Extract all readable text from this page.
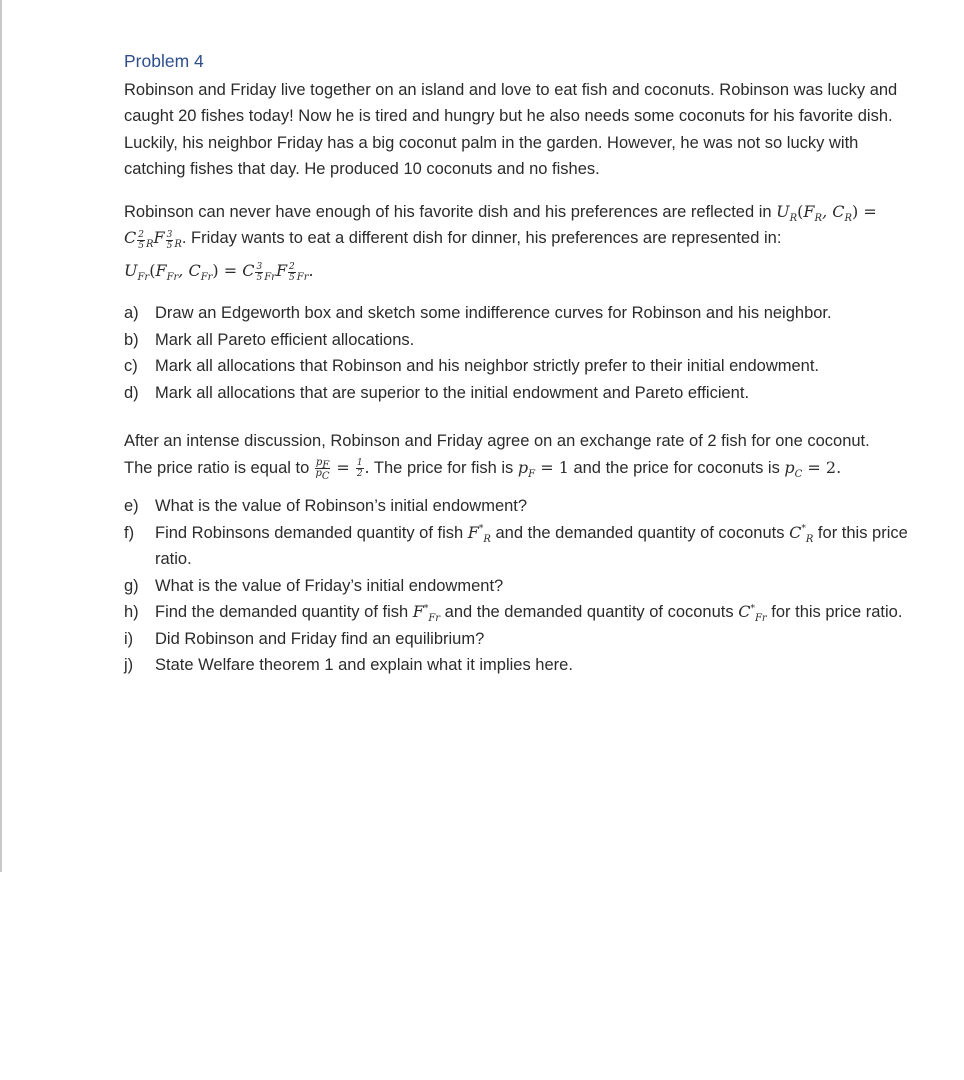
Problem 4

Robinson and Friday live together on an island and love to eat fish and coconuts. Robinson was lucky and caught 20 fishes today! Now he is tired and hungry but he also needs some coconuts for his favorite dish. Luckily, his neighbor Friday has a big coconut palm in the garden. However, he was not so lucky with catching fishes that day. He produced 10 coconuts and no fishes.

Robinson can never have enough of his favorite dish and his preferences are reflected in $U_R(F_R$, $C_R$) =
C $\frac{2}{5} _RF \frac{3}{5} _R$. Friday wants to eat a different dish for dinner, his preferences are represented in:

$U_{Fr}(F_{Fr}$, $C_{Fr}) = C \frac{3}{5} _{Fr}F \frac{2}{5} _{Fr}$.

a) Draw an Edgeworth box and sketch some indifference curves for Robinson and his neighbor.
b) Mark all Pareto efficient allocations.
c)	Mark all allocations that Robinson and his neighbor strictly prefer to their initial endowment.
d) Mark all allocations that are superior to the initial endowment and Pareto efficient.

After an intense discussion, Robinson and Friday agree on an exchange rate of 2 fish for one coconut.

The price ratio is equal to $\frac{p_F}{p_C} = \frac{1}{2}$ . The price for fish is $p_F = 1$ and the price for coconuts is $p_C = 2$.

e) What is the value of Robinson’s initial endowment?
f)	Find Robinsons demanded quantity of fish F *

$_R$ and the demanded quantity of coconuts C *

$_R$ for this price ratio.
g) What is the value of Friday’s initial endowment?
h) Find the demanded quantity of fish F *

$_{Fr}$ and the demanded quantity of coconuts C *

$_{Fr}$ for this price ratio.
i)	Did Robinson and Friday find an equilibrium?
j)	State Welfare theorem 1 and explain what it implies here.
